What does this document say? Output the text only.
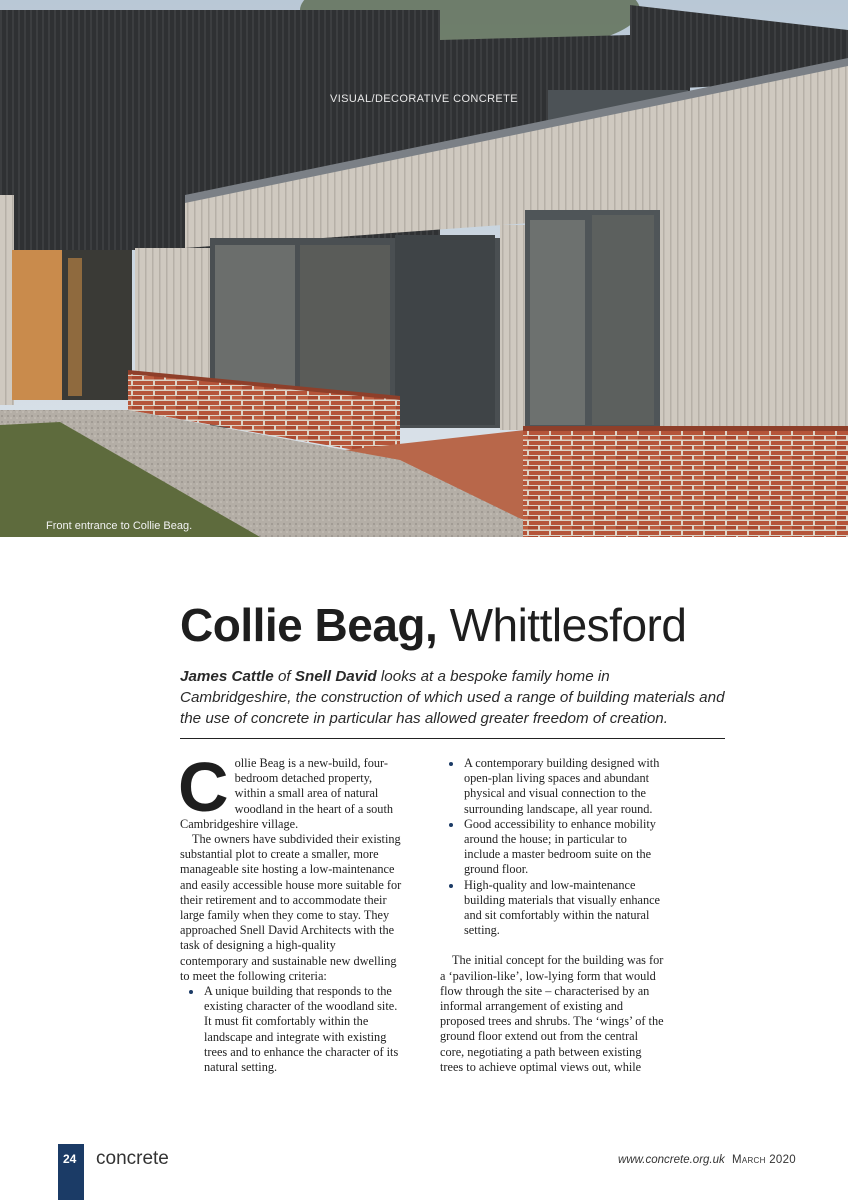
VISUAL/DECORATIVE CONCRETE
Front entrance to Collie Beag.
Collie Beag, Whittlesford

James Cattle of Snell David looks at a bespoke family home in Cambridgeshire, the construction of which used a range of building materials and the use of concrete in particular has allowed greater freedom of creation.

Collie Beag is a new-build, four-bedroom detached property, within a small area of natural woodland in the heart of a south Cambridgeshire village.

The owners have subdivided their existing substantial plot to create a smaller, more manageable site hosting a low-maintenance and easily accessible house more suitable for their retirement and to accommodate their large family when they come to stay. They approached Snell David Architects with the task of designing a high-quality contemporary and sustainable new dwelling to meet the following criteria:

A unique building that responds to the existing character of the woodland site. It must fit comfortably within the landscape and integrate with existing trees and to enhance the character of its natural setting.
A contemporary building designed with open-plan living spaces and abundant physical and visual connection to the surrounding landscape, all year round.
Good accessibility to enhance mobility around the house; in particular to include a master bedroom suite on the ground floor.
High-quality and low-maintenance building materials that visually enhance and sit comfortably within the natural setting.

The initial concept for the building was for a ‘pavilion-like’, low-lying form that would flow through the site – characterised by an informal arrangement of existing and proposed trees and shrubs. The ‘wings’ of the ground floor extend out from the central core, negotiating a path between existing trees to achieve optimal views out, while

24 concrete	www.concrete.org.uk March 2020
